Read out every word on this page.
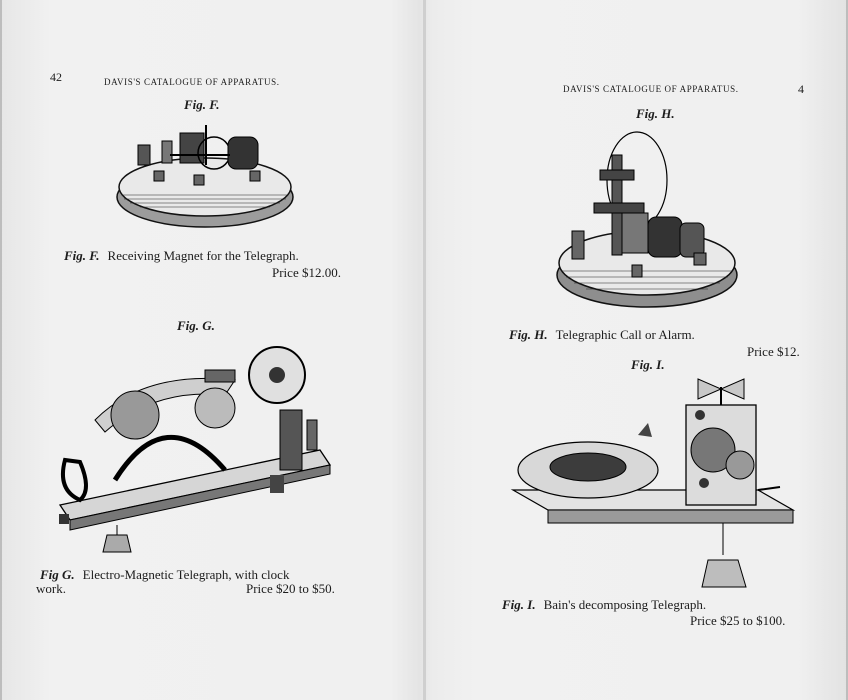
42	DAVIS'S CATALOGUE OF APPARATUS.
Fig. F.
Fig. F. Receiving Magnet for the Telegraph.
Price $12.00.
Fig. G.
Fig G. Electro-Magnetic Telegraph, with clock
work.	Price $20 to $50.
DAVIS'S CATALOGUE OF APPARATUS.	4
Fig. H.
Fig. H. Telegraphic Call or Alarm.
Price $12.
Fig. I.
Fig. I. Bain's decomposing Telegraph.
Price $25 to $100.
